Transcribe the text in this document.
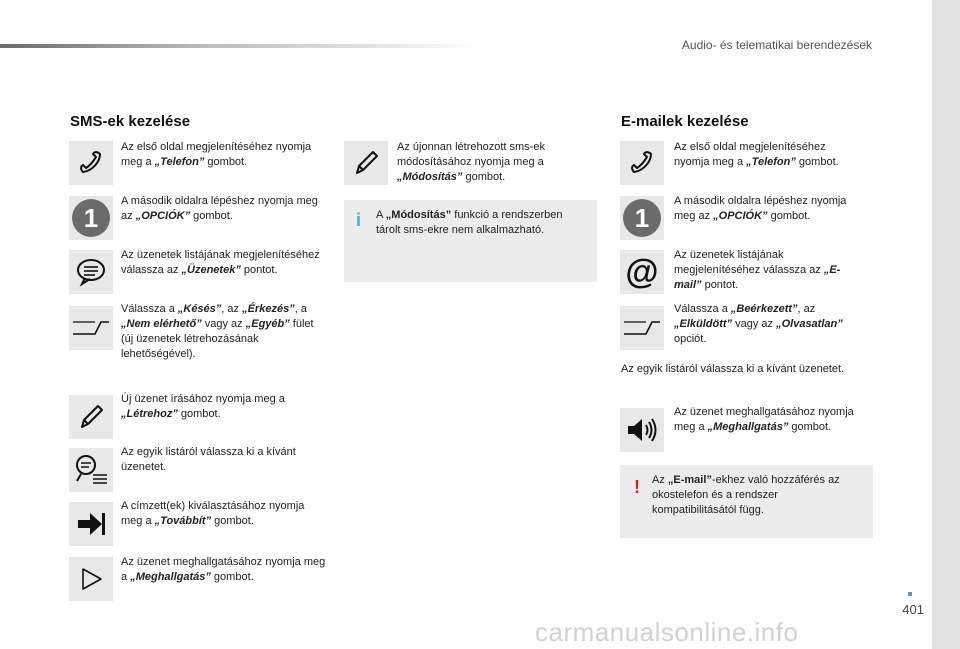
Audio- és telematikai berendezések
401
carmanualsonline.info
SMS-ek kezelése
Az első oldal megjelenítéséhez nyomja meg a „Telefon” gombot.
1
A második oldalra lépéshez nyomja meg az „OPCIÓK” gombot.
Az üzenetek listájának megjelenítéséhez válassza az „Üzenetek” pontot.
Válassza a „Késés”, az „Érkezés”, a „Nem elérhető” vagy az „Egyéb” fület (új üzenetek létrehozásának lehetőségével).
Új üzenet írásához nyomja meg a „Létrehoz” gombot.
Az egyik listáról válassza ki a kívánt üzenetet.
A címzett(ek) kiválasztásához nyomja meg a „Továbbít” gombot.
Az üzenet meghallgatásához nyomja meg a „Meghallgatás” gombot.
Az újonnan létrehozott sms-ek módosításához nyomja meg a „Módosítás” gombot.
i A „Módosítás” funkció a rendszerben tárolt sms-ekre nem alkalmazható.
E-mailek kezelése
Az első oldal megjelenítéséhez nyomja meg a „Telefon” gombot.
1
A második oldalra lépéshez nyomja meg az „OPCIÓK” gombot.
@ Az üzenetek listájának megjelenítéséhez válassza az „E-mail” pontot.
Válassza a „Beérkezett”, az „Elküldött” vagy az „Olvasatlan” opciót.
Az egyik listáról válassza ki a kívánt üzenetet.
Az üzenet meghallgatásához nyomja meg a „Meghallgatás” gombot.
! Az „E-mail”-ekhez való hozzáférés az okostelefon és a rendszer kompatibilitásától függ.
